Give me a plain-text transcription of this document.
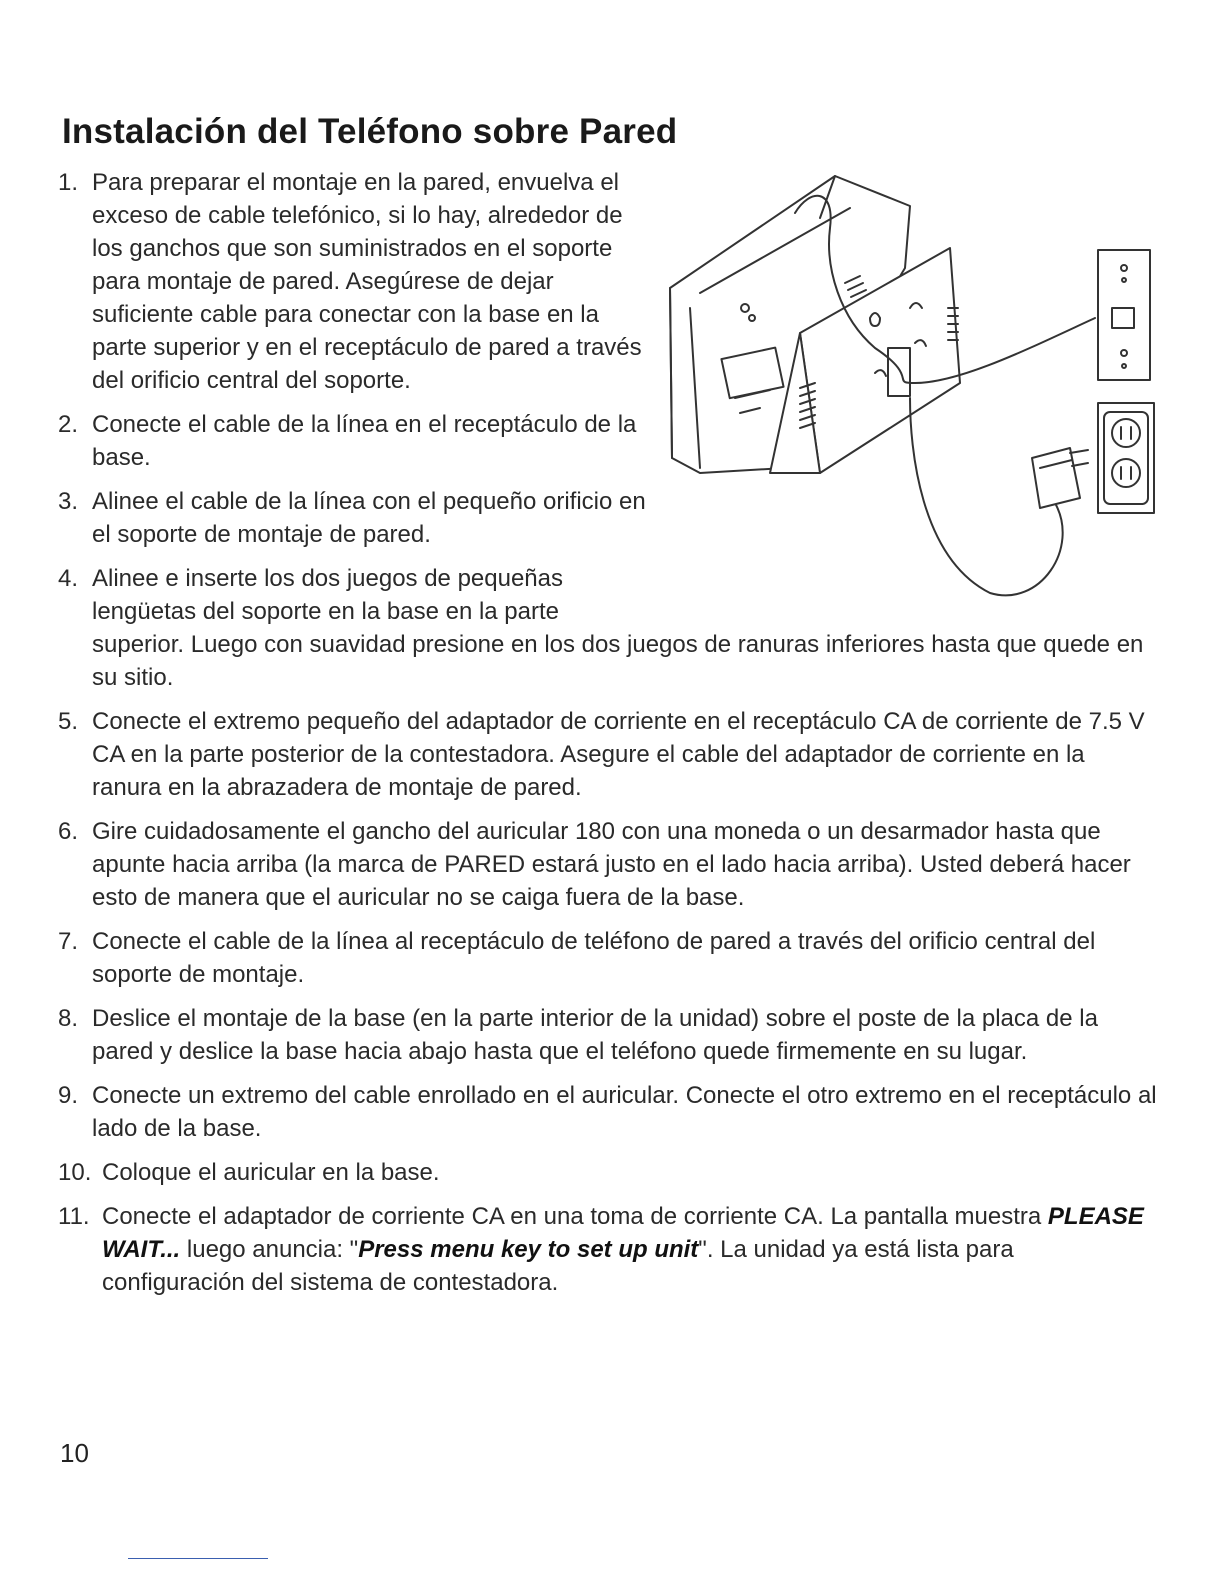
Instalación del Teléfono sobre Pared
1. Para preparar el montaje en la pared, envuelva el exceso de cable telefónico, si lo hay, alrededor de los ganchos que son suministrados en el soporte para montaje de pared. Asegúrese de dejar suficiente cable para conectar con la base en la parte superior y en el receptáculo de pared a través del orificio central del soporte.
2. Conecte el cable de la línea en el receptáculo de la base.
3. Alinee el cable de la línea con el pequeño orificio en el soporte de montaje de pared.
4. Alinee e inserte los dos juegos de pequeñas lengüetas del soporte en la base en la parte
superior. Luego con suavidad presione en los dos juegos de ranuras inferiores hasta que quede en su sitio.
5. Conecte el extremo pequeño del adaptador de corriente en el receptáculo CA de corriente de 7.5 V CA en la parte posterior de la contestadora. Asegure el cable del adaptador de corriente en la ranura en la abrazadera de montaje de pared.
6. Gire cuidadosamente el gancho del auricular 180 con una moneda o un desarmador hasta que apunte hacia arriba (la marca de PARED estará justo en el lado hacia arriba). Usted deberá hacer esto de manera que el auricular no se caiga fuera de la base.
7. Conecte el cable de la línea al receptáculo de teléfono de pared a través del orificio central del soporte de montaje.
8. Deslice el montaje de la base (en la parte interior de la unidad) sobre el poste de la placa de la pared y deslice la base hacia abajo hasta que el teléfono quede firmemente en su lugar.
9. Conecte un extremo del cable enrollado en el auricular. Conecte el otro extremo en el receptáculo al lado de la base.
10. Coloque el auricular en la base.
11. Conecte el adaptador de corriente CA en una toma de corriente CA. La pantalla muestra PLEASE WAIT... luego anuncia: "Press menu key to set up unit". La unidad ya está lista para configuración del sistema de contestadora.
10
